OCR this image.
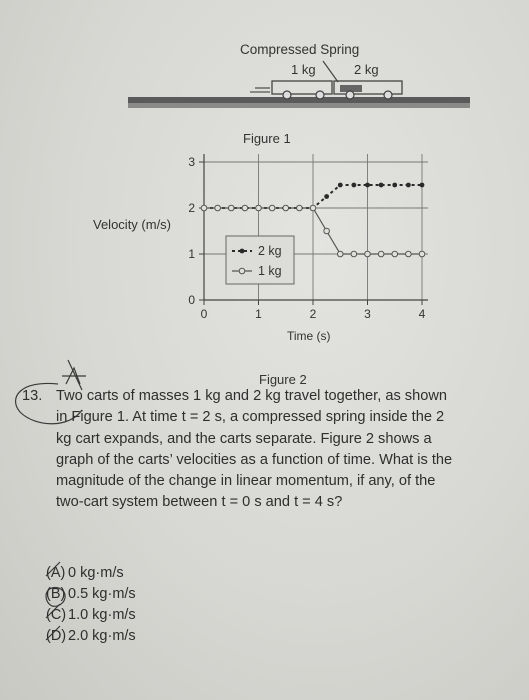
Compressed Spring
1 kg	2 kg
Figure 1
0	1	2	3	4
0
1
2
3
2 kg
1 kg
Velocity (m/s)
Time (s)
Figure 2
13. Two carts of masses 1 kg and 2 kg travel together, as shown
in Figure 1. At time t = 2 s, a compressed spring inside the 2
kg cart expands, and the carts separate. Figure 2 shows a
graph of the carts’ velocities as a function of time. What is the
magnitude of the change in linear momentum, if any, of the
two-cart system between t = 0 s and t = 4 s?
(A) 0 kg·m/s
(B) 0.5 kg·m/s
(C) 1.0 kg·m/s
(D) 2.0 kg·m/s
